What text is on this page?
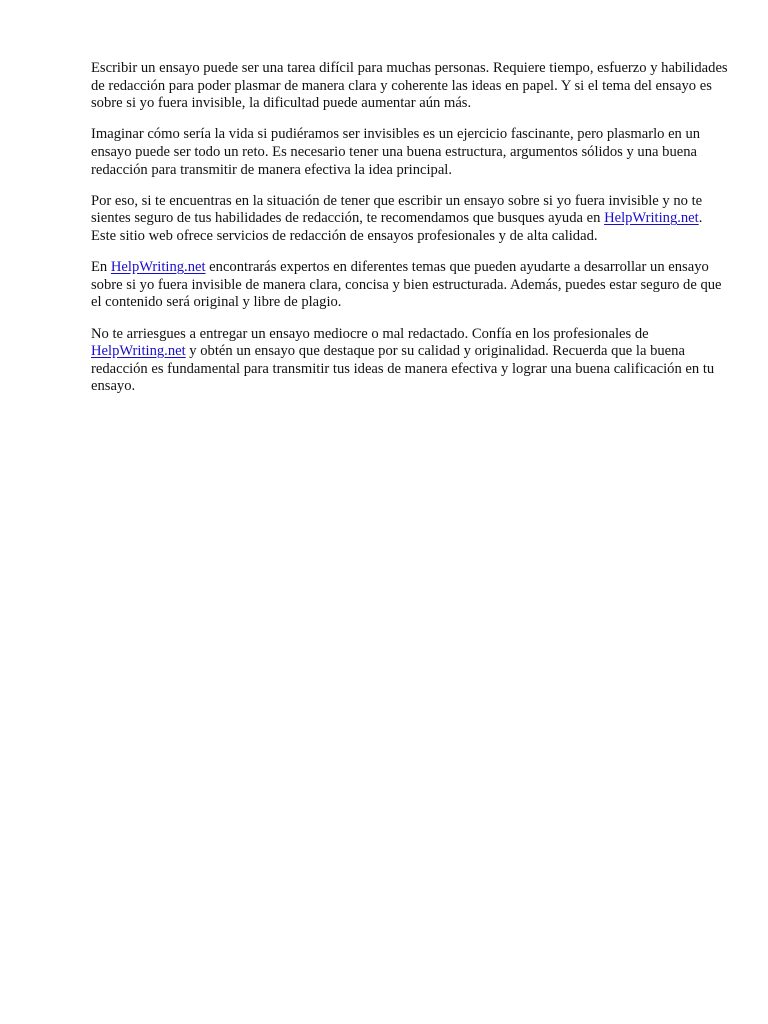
Escribir un ensayo puede ser una tarea difícil para muchas personas. Requiere tiempo, esfuerzo y habilidades de redacción para poder plasmar de manera clara y coherente las ideas en papel. Y si el tema del ensayo es sobre si yo fuera invisible, la dificultad puede aumentar aún más.

Imaginar cómo sería la vida si pudiéramos ser invisibles es un ejercicio fascinante, pero plasmarlo en un ensayo puede ser todo un reto. Es necesario tener una buena estructura, argumentos sólidos y una buena redacción para transmitir de manera efectiva la idea principal.

Por eso, si te encuentras en la situación de tener que escribir un ensayo sobre si yo fuera invisible y no te sientes seguro de tus habilidades de redacción, te recomendamos que busques ayuda en HelpWriting.net. Este sitio web ofrece servicios de redacción de ensayos profesionales y de alta calidad.

En HelpWriting.net encontrarás expertos en diferentes temas que pueden ayudarte a desarrollar un ensayo sobre si yo fuera invisible de manera clara, concisa y bien estructurada. Además, puedes estar seguro de que el contenido será original y libre de plagio.

No te arriesgues a entregar un ensayo mediocre o mal redactado. Confía en los profesionales de HelpWriting.net y obtén un ensayo que destaque por su calidad y originalidad. Recuerda que la buena redacción es fundamental para transmitir tus ideas de manera efectiva y lograr una buena calificación en tu ensayo.
